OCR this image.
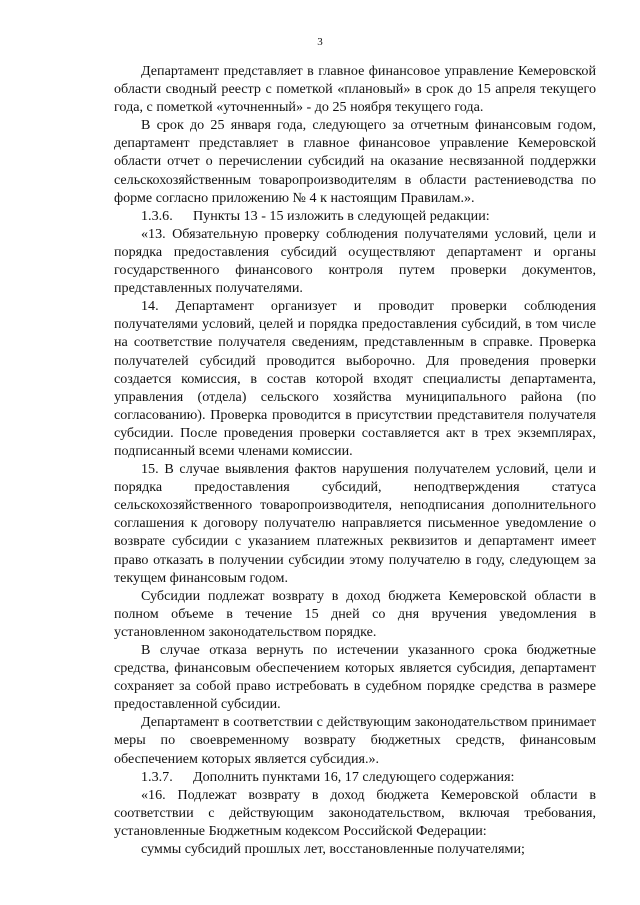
3

Департамент представляет в главное финансовое управление Кемеровской области сводный реестр с пометкой «плановый» в срок до 15 апреля текущего года, с пометкой «уточненный» - до 25 ноября текущего года.

В срок до 25 января года, следующего за отчетным финансовым годом, департамент представляет в главное финансовое управление Кемеровской области отчет о перечислении субсидий на оказание несвязанной поддержки сельскохозяйственным товаропроизводителям в области растениеводства по форме согласно приложению № 4 к настоящим Правилам.».

1.3.6. Пункты 13 - 15 изложить в следующей редакции:

«13. Обязательную проверку соблюдения получателями условий, цели и порядка предоставления субсидий осуществляют департамент и органы государственного финансового контроля путем проверки документов, представленных получателями.

14. Департамент организует и проводит проверки соблюдения получателями условий, целей и порядка предоставления субсидий, в том числе на соответствие получателя сведениям, представленным в справке. Проверка получателей субсидий проводится выборочно. Для проведения проверки создается комиссия, в состав которой входят специалисты департамента, управления (отдела) сельского хозяйства муниципального района (по согласованию). Проверка проводится в присутствии представителя получателя субсидии. После проведения проверки составляется акт в трех экземплярах, подписанный всеми членами комиссии.

15. В случае выявления фактов нарушения получателем условий, цели и порядка предоставления субсидий, неподтверждения статуса сельскохозяйственного товаропроизводителя, неподписания дополнительного соглашения к договору получателю направляется письменное уведомление о возврате субсидии с указанием платежных реквизитов и департамент имеет право отказать в получении субсидии этому получателю в году, следующем за текущем финансовым годом.

Субсидии подлежат возврату в доход бюджета Кемеровской области в полном объеме в течение 15 дней со дня вручения уведомления в установленном законодательством порядке.

В случае отказа вернуть по истечении указанного срока бюджетные средства, финансовым обеспечением которых является субсидия, департамент сохраняет за собой право истребовать в судебном порядке средства в размере предоставленной субсидии.

Департамент в соответствии с действующим законодательством принимает меры по своевременному возврату бюджетных средств, финансовым обеспечением которых является субсидия.».

1.3.7. Дополнить пунктами 16, 17 следующего содержания:

«16. Подлежат возврату в доход бюджета Кемеровской области в соответствии с действующим законодательством, включая требования, установленные Бюджетным кодексом Российской Федерации:

суммы субсидий прошлых лет, восстановленные получателями;
